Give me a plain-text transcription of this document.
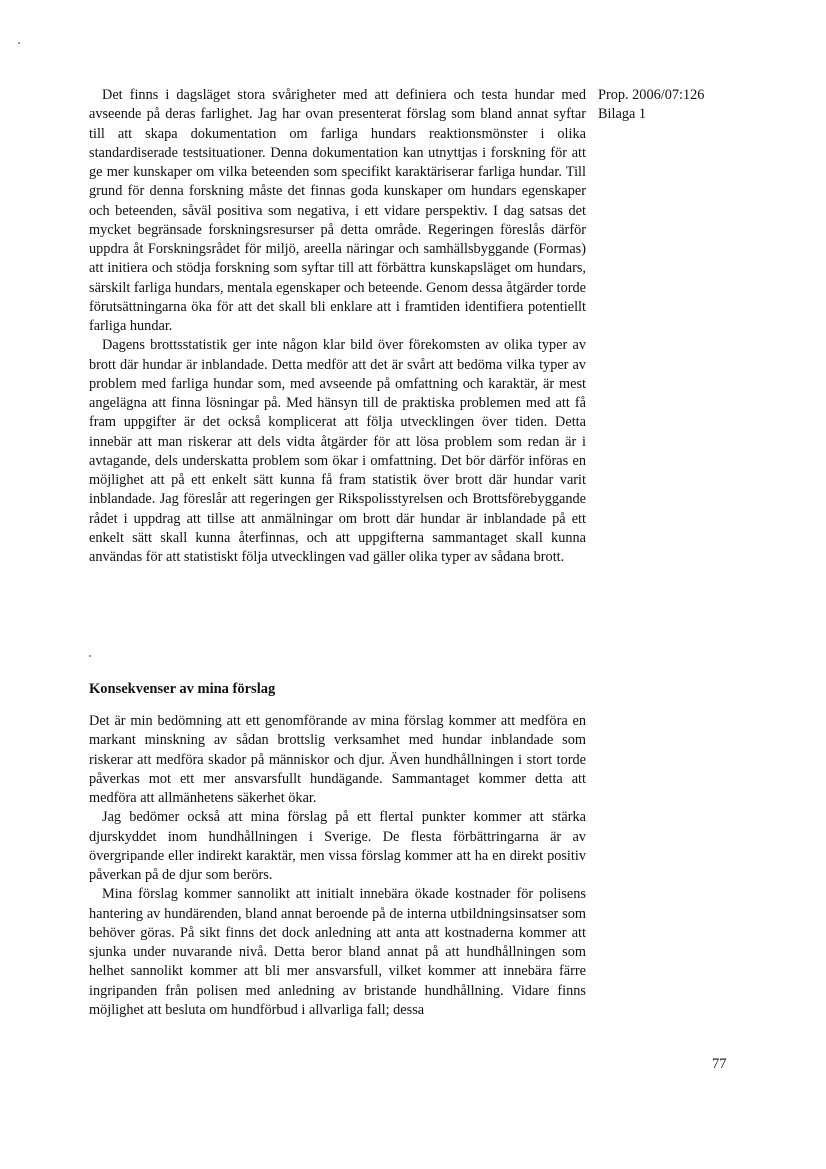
Prop. 2006/07:126
Bilaga 1

Det finns i dagsläget stora svårigheter med att definiera och testa hundar med avseende på deras farlighet. Jag har ovan presenterat förslag som bland annat syftar till att skapa dokumentation om farliga hundars reaktionsmönster i olika standardiserade testsituationer. Denna dokumentation kan utnyttjas i forskning för att ge mer kunskaper om vilka beteenden som specifikt karaktäriserar farliga hundar. Till grund för denna forskning måste det finnas goda kunskaper om hundars egenskaper och beteenden, såväl positiva som negativa, i ett vidare perspektiv. I dag satsas det mycket begränsade forskningsresurser på detta område. Regeringen föreslås därför uppdra åt Forskningsrådet för miljö, areella näringar och samhällsbyggande (Formas) att initiera och stödja forskning som syftar till att förbättra kunskapsläget om hundars, särskilt farliga hundars, mentala egenskaper och beteende. Genom dessa åtgärder torde förutsättningarna öka för att det skall bli enklare att i framtiden identifiera potentiellt farliga hundar.

Dagens brottsstatistik ger inte någon klar bild över förekomsten av olika typer av brott där hundar är inblandade. Detta medför att det är svårt att bedöma vilka typer av problem med farliga hundar som, med avseende på omfattning och karaktär, är mest angelägna att finna lösningar på. Med hänsyn till de praktiska problemen med att få fram uppgifter är det också komplicerat att följa utvecklingen över tiden. Detta innebär att man riskerar att dels vidta åtgärder för att lösa problem som redan är i avtagande, dels underskatta problem som ökar i omfattning. Det bör därför införas en möjlighet att på ett enkelt sätt kunna få fram statistik över brott där hundar varit inblandade. Jag föreslår att regeringen ger Rikspolisstyrelsen och Brottsförebyggande rådet i uppdrag att tillse att anmälningar om brott där hundar är inblandade på ett enkelt sätt skall kunna återfinnas, och att uppgifterna sammantaget skall kunna användas för att statistiskt följa utvecklingen vad gäller olika typer av sådana brott.

Konsekvenser av mina förslag

Det är min bedömning att ett genomförande av mina förslag kommer att medföra en markant minskning av sådan brottslig verksamhet med hundar inblandade som riskerar att medföra skador på människor och djur. Även hundhållningen i stort torde påverkas mot ett mer ansvarsfullt hundägande. Sammantaget kommer detta att medföra att allmänhetens säkerhet ökar.

Jag bedömer också att mina förslag på ett flertal punkter kommer att stärka djurskyddet inom hundhållningen i Sverige. De flesta förbättringarna är av övergripande eller indirekt karaktär, men vissa förslag kommer att ha en direkt positiv påverkan på de djur som berörs.

Mina förslag kommer sannolikt att initialt innebära ökade kostnader för polisens hantering av hundärenden, bland annat beroende på de interna utbildningsinsatser som behöver göras. På sikt finns det dock anledning att anta att kostnaderna kommer att sjunka under nuvarande nivå. Detta beror bland annat på att hundhållningen som helhet sannolikt kommer att bli mer ansvarsfull, vilket kommer att innebära färre ingripanden från polisen med anledning av bristande hundhållning. Vidare finns möjlighet att besluta om hundförbud i allvarliga fall; dessa

77
